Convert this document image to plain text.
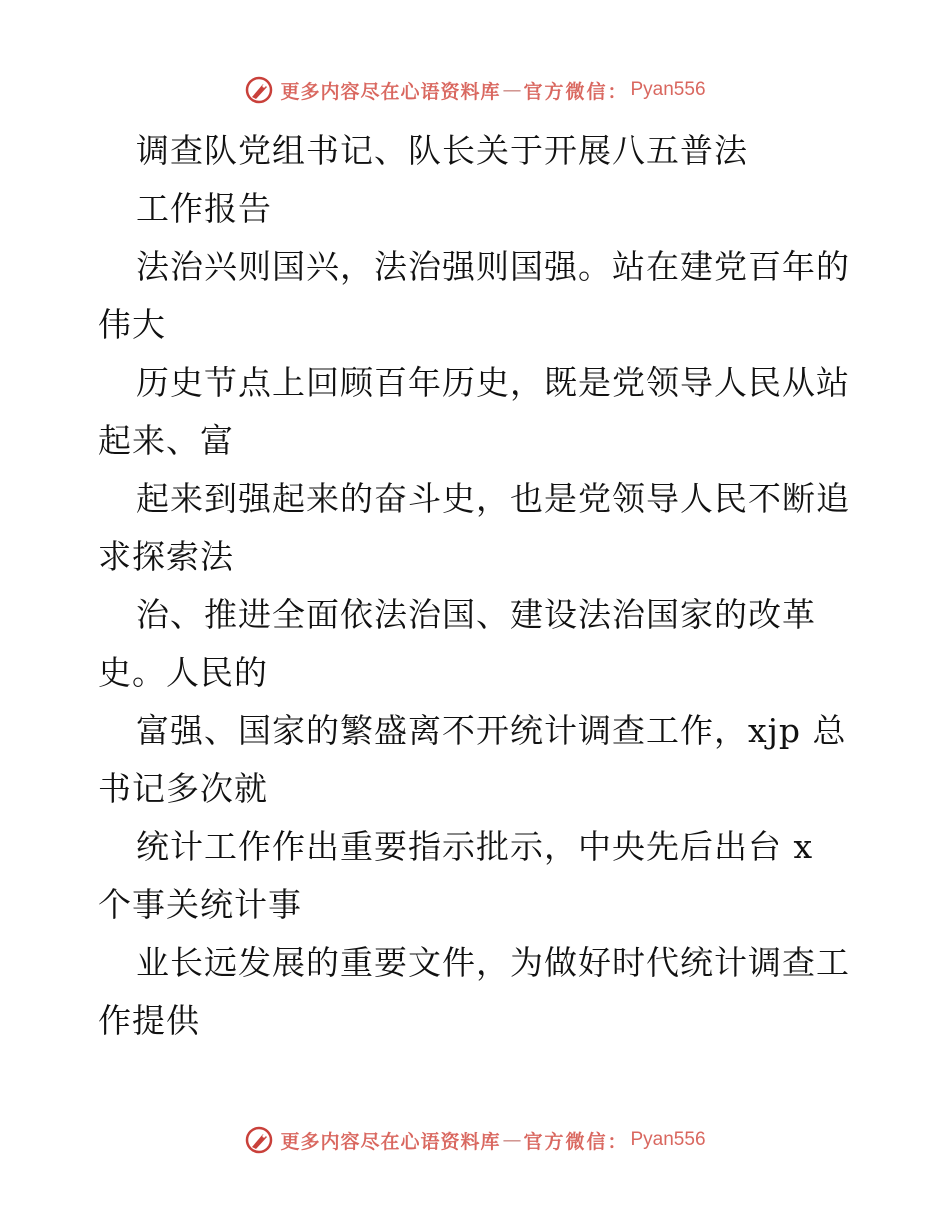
更多内容尽在心语资料库 — 官方微信： Pyan556
调查队党组书记、队长关于开展八五普法
工作报告
法治兴则国兴，法治强则国强。站在建党百年的
伟大
历史节点上回顾百年历史，既是党领导人民从站
起来、富
起来到强起来的奋斗史，也是党领导人民不断追
求探索法
治、推进全面依法治国、建设法治国家的改革
史。人民的
富强、国家的繁盛离不开统计调查工作，xjp 总
书记多次就
统计工作作出重要指示批示，中央先后出台 x
个事关统计事
业长远发展的重要文件，为做好时代统计调查工
作提供
更多内容尽在心语资料库 — 官方微信： Pyan556
